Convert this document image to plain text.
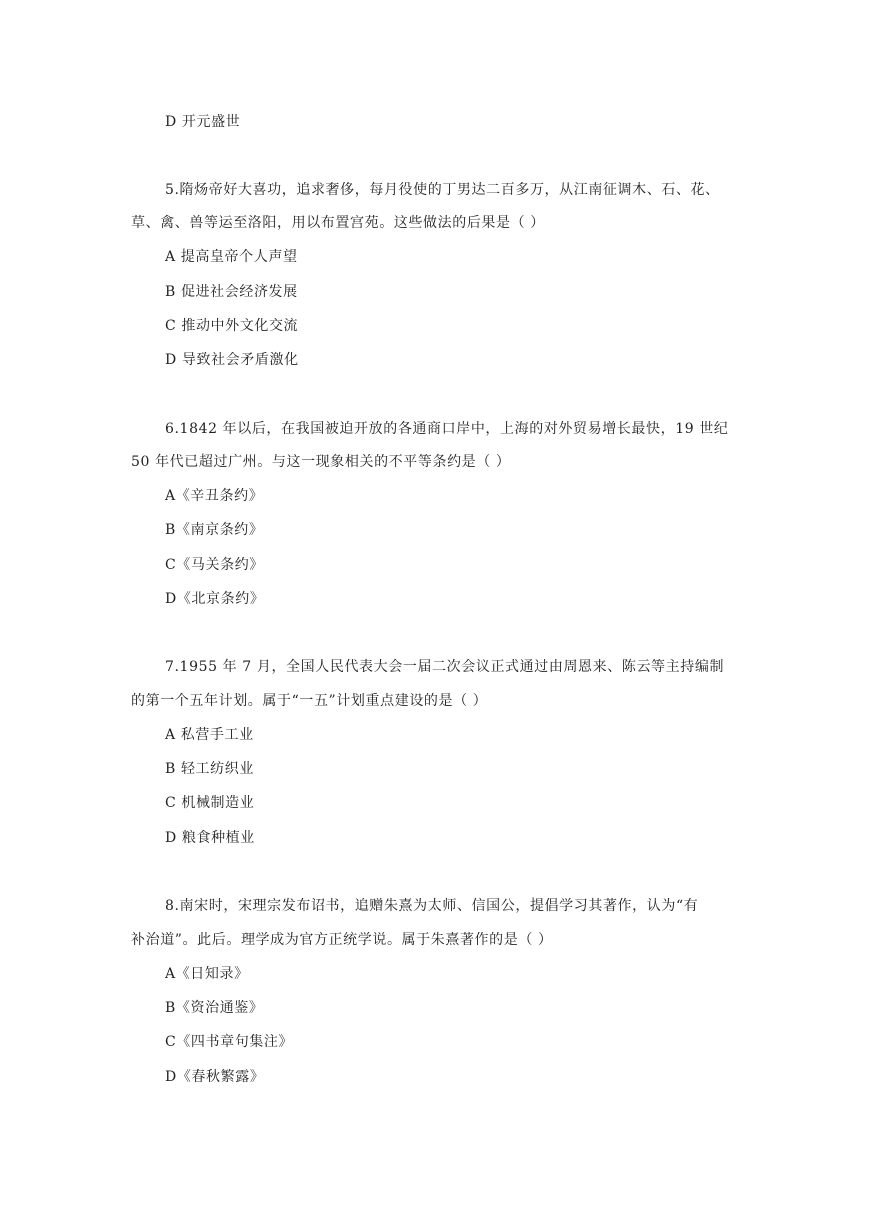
D 开元盛世
5.隋炀帝好大喜功，追求奢侈，每月役使的丁男达二百多万，从江南征调木、石、花、
草、禽、兽等运至洛阳，用以布置宫苑。这些做法的后果是（ ）
A 提高皇帝个人声望
B 促进社会经济发展
C 推动中外文化交流
D 导致社会矛盾激化
6.1842 年以后，在我国被迫开放的各通商口岸中，上海的对外贸易增长最快，19 世纪
50 年代已超过广州。与这一现象相关的不平等条约是（ ）
A《辛丑条约》
B《南京条约》
C《马关条约》
D《北京条约》
7.1955 年 7 月，全国人民代表大会一届二次会议正式通过由周恩来、陈云等主持编制
的第一个五年计划。属于“一五”计划重点建设的是（ ）
A 私营手工业
B 轻工纺织业
C 机械制造业
D 粮食种植业
8.南宋时，宋理宗发布诏书，追赠朱熹为太师、信国公，提倡学习其著作，认为“有
补治道”。此后。理学成为官方正统学说。属于朱熹著作的是（ ）
A《日知录》
B《资治通鉴》
C《四书章句集注》
D《春秋繁露》
